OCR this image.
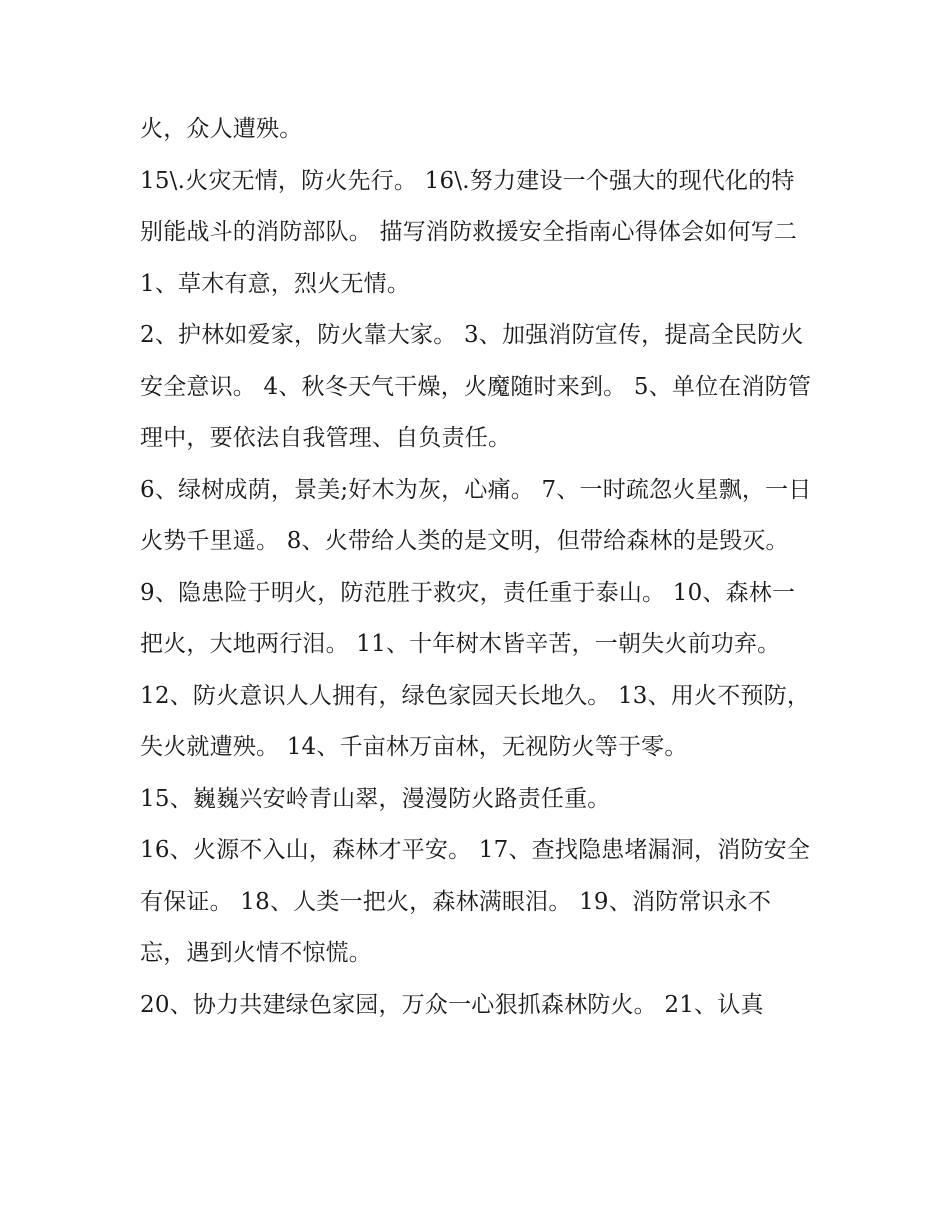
火，众人遭殃。

15\.火灾无情，防火先行。 16\.努力建设一个强大的现代化的特别能战斗的消防部队。 描写消防救援安全指南心得体会如何写二 1、草木有意，烈火无情。

2、护林如爱家，防火靠大家。 3、加强消防宣传，提高全民防火安全意识。 4、秋冬天气干燥，火魔随时来到。 5、单位在消防管理中，要依法自我管理、自负责任。

6、绿树成荫，景美;好木为灰，心痛。 7、一时疏忽火星飘，一日火势千里遥。 8、火带给人类的是文明，但带给森林的是毁灭。

9、隐患险于明火，防范胜于救灾，责任重于泰山。 10、森林一把火，大地两行泪。 11、十年树木皆辛苦，一朝失火前功弃。

12、防火意识人人拥有，绿色家园天长地久。 13、用火不预防，失火就遭殃。 14、千亩林万亩林，无视防火等于零。

15、巍巍兴安岭青山翠，漫漫防火路责任重。

16、火源不入山，森林才平安。 17、查找隐患堵漏洞，消防安全有保证。 18、人类一把火，森林满眼泪。 19、消防常识永不忘，遇到火情不惊慌。

20、协力共建绿色家园，万众一心狠抓森林防火。 21、认真
